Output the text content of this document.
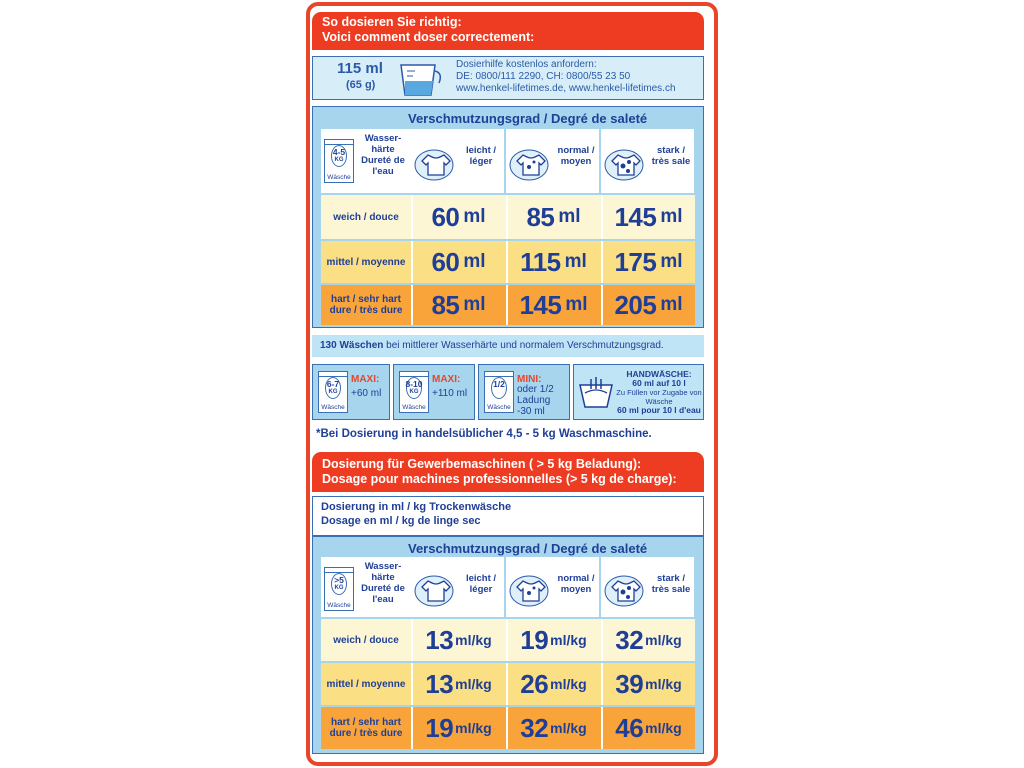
So dosieren Sie richtig:
Voici comment doser correctement:
115 ml
(65 g)
Dosierhilfe kostenlos anfordern:
DE: 0800/111 2290, CH: 0800/55 23 50
www.henkel-lifetimes.de, www.henkel-lifetimes.ch
Verschmutzungsgrad / Degré de saleté
4-5
KG
Wäsche
Wasser-härte Dureté de l'eau
leicht / léger
normal / moyen
stark / très sale
weich / douce	60 ml 85 ml 145 ml
mittel / moyenne 60 ml 115 ml 175 ml
hart / sehr hart dure / très dure	85 ml 145 ml 205 ml
130 Wäschen bei mittlerer Wasserhärte und normalem Verschmutzungsgrad.
6-7
KG
Wäsche
MAXI:
+60 ml
8-10
KG
Wäsche
MAXI:
+110 ml
1/2
Wäsche
MINI:
oder 1/2 Ladung -30 ml
HANDWÄSCHE:
60 ml auf 10 l
Zu Füllen vor Zugabe von Wäsche
60 ml pour 10 l d'eau
*Bei Dosierung in handelsüblicher 4,5 - 5 kg Waschmaschine.
Dosierung für Gewerbemaschinen ( > 5 kg Beladung):
Dosage pour machines professionnelles (> 5 kg de charge):
Dosierung in ml / kg Trockenwäsche
Dosage en ml / kg de linge sec
Verschmutzungsgrad / Degré de saleté
>5
KG
Wäsche
Wasser-härte Dureté de l'eau
leicht / léger
normal / moyen
stark / très sale
weich / douce	13 ml/kg 19 ml/kg 32 ml/kg
mittel / moyenne 13 ml/kg 26 ml/kg 39 ml/kg
hart / sehr hart dure / très dure 19 ml/kg 32 ml/kg 46 ml/kg
